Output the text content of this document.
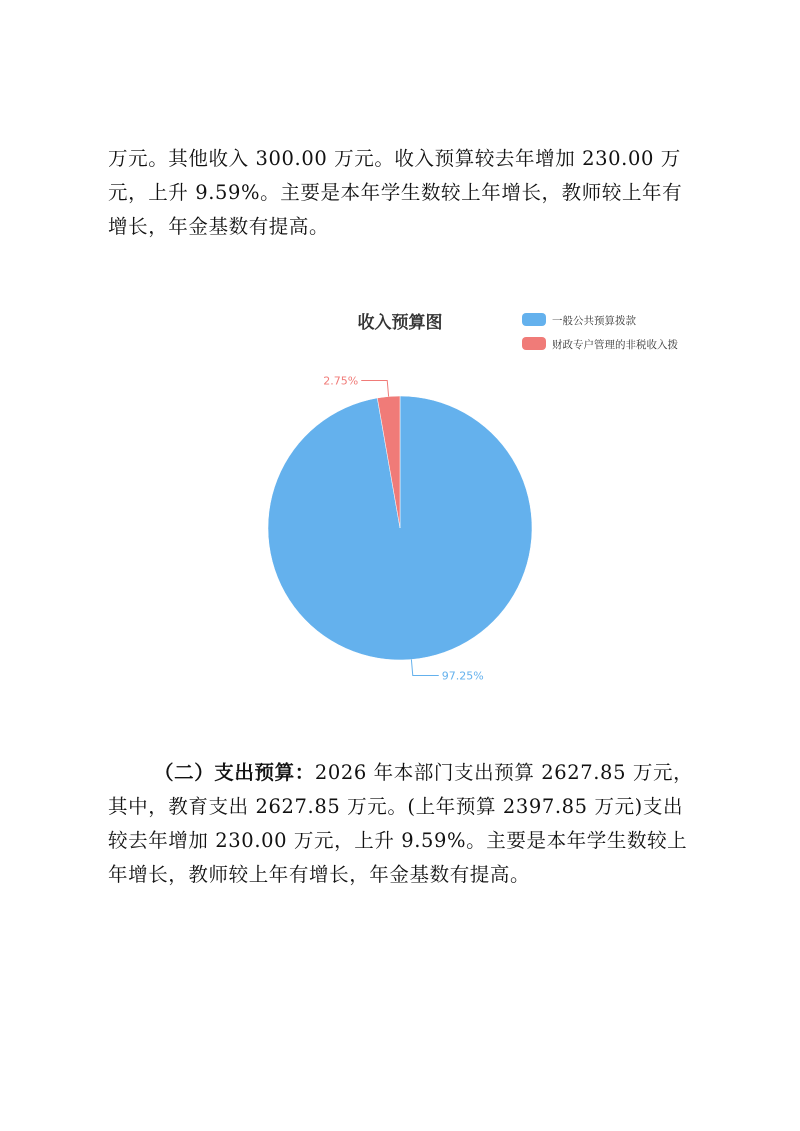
万元。其他收入 300.00 万元。收入预算较去年增加 230.00 万
元，上升 9.59%。主要是本年学生数较上年增长，教师较上年有
增长，年金基数有提高。

收入预算图	一般公共预算拨款
财政专户管理的非税收入拨
97.25%
2.75%

（二）支出预算：2026 年本部门支出预算 2627.85 万元，
其中，教育支出 2627.85 万元。(上年预算 2397.85 万元)支出
较去年增加 230.00 万元，上升 9.59%。主要是本年学生数较上
年增长，教师较上年有增长，年金基数有提高。
